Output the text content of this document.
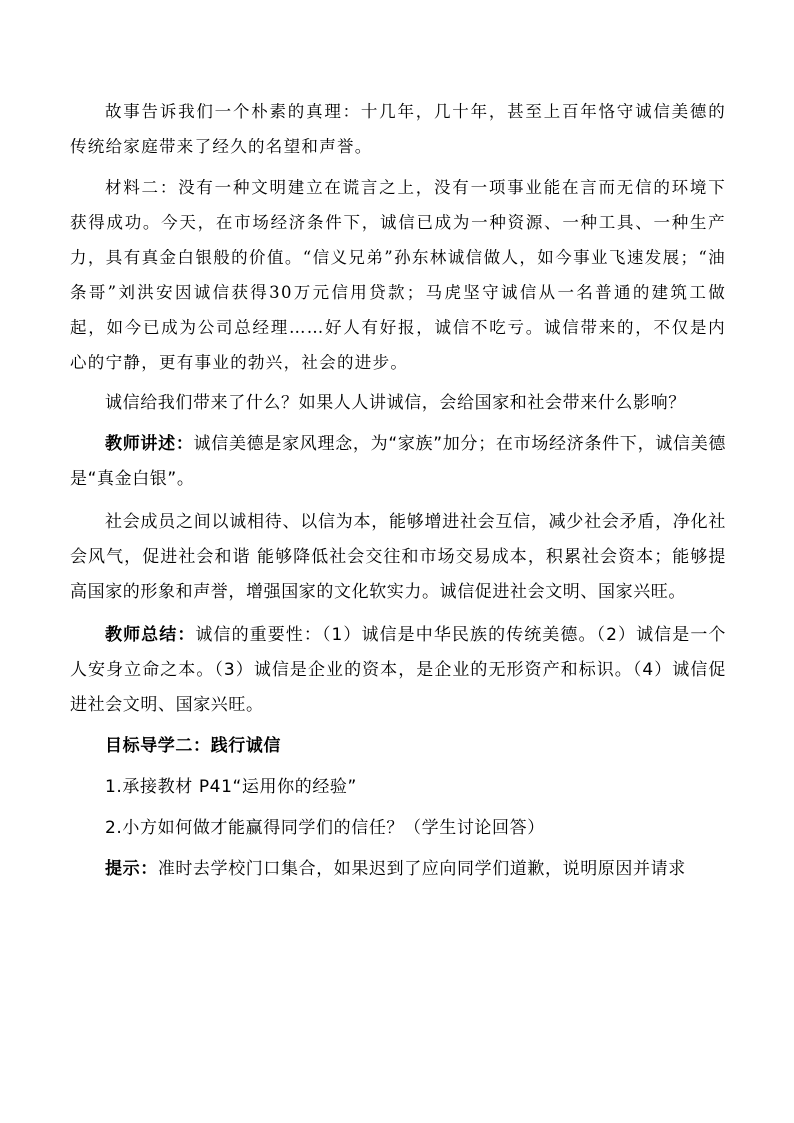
故事告诉我们一个朴素的真理：十几年，几十年，甚至上百年恪守诚信美德的传统给家庭带来了经久的名望和声誉。

材料二：没有一种文明建立在谎言之上，没有一项事业能在言而无信的环境下获得成功。今天，在市场经济条件下，诚信已成为一种资源、一种工具、一种生产力，具有真金白银般的价值。“信义兄弟”孙东林诚信做人，如今事业飞速发展；“油条哥”刘洪安因诚信获得30万元信用贷款；马虎坚守诚信从一名普通的建筑工做起，如今已成为公司总经理……好人有好报，诚信不吃亏。诚信带来的，不仅是内心的宁静，更有事业的勃兴，社会的进步。

诚信给我们带来了什么？如果人人讲诚信，会给国家和社会带来什么影响？

教师讲述：诚信美德是家风理念，为“家族”加分；在市场经济条件下，诚信美德是“真金白银”。

社会成员之间以诚相待、以信为本，能够增进社会互信，减少社会矛盾，净化社会风气，促进社会和谐 能够降低社会交往和市场交易成本，积累社会资本；能够提高国家的形象和声誉，增强国家的文化软实力。诚信促进社会文明、国家兴旺。

教师总结：诚信的重要性：（1）诚信是中华民族的传统美德。（2）诚信是一个人安身立命之本。（3）诚信是企业的资本，是企业的无形资产和标识。（4）诚信促进社会文明、国家兴旺。

目标导学二：践行诚信

1.承接教材 P41“运用你的经验”

2.小方如何做才能赢得同学们的信任？（学生讨论回答）

提示：准时去学校门口集合，如果迟到了应向同学们道歉，说明原因并请求
